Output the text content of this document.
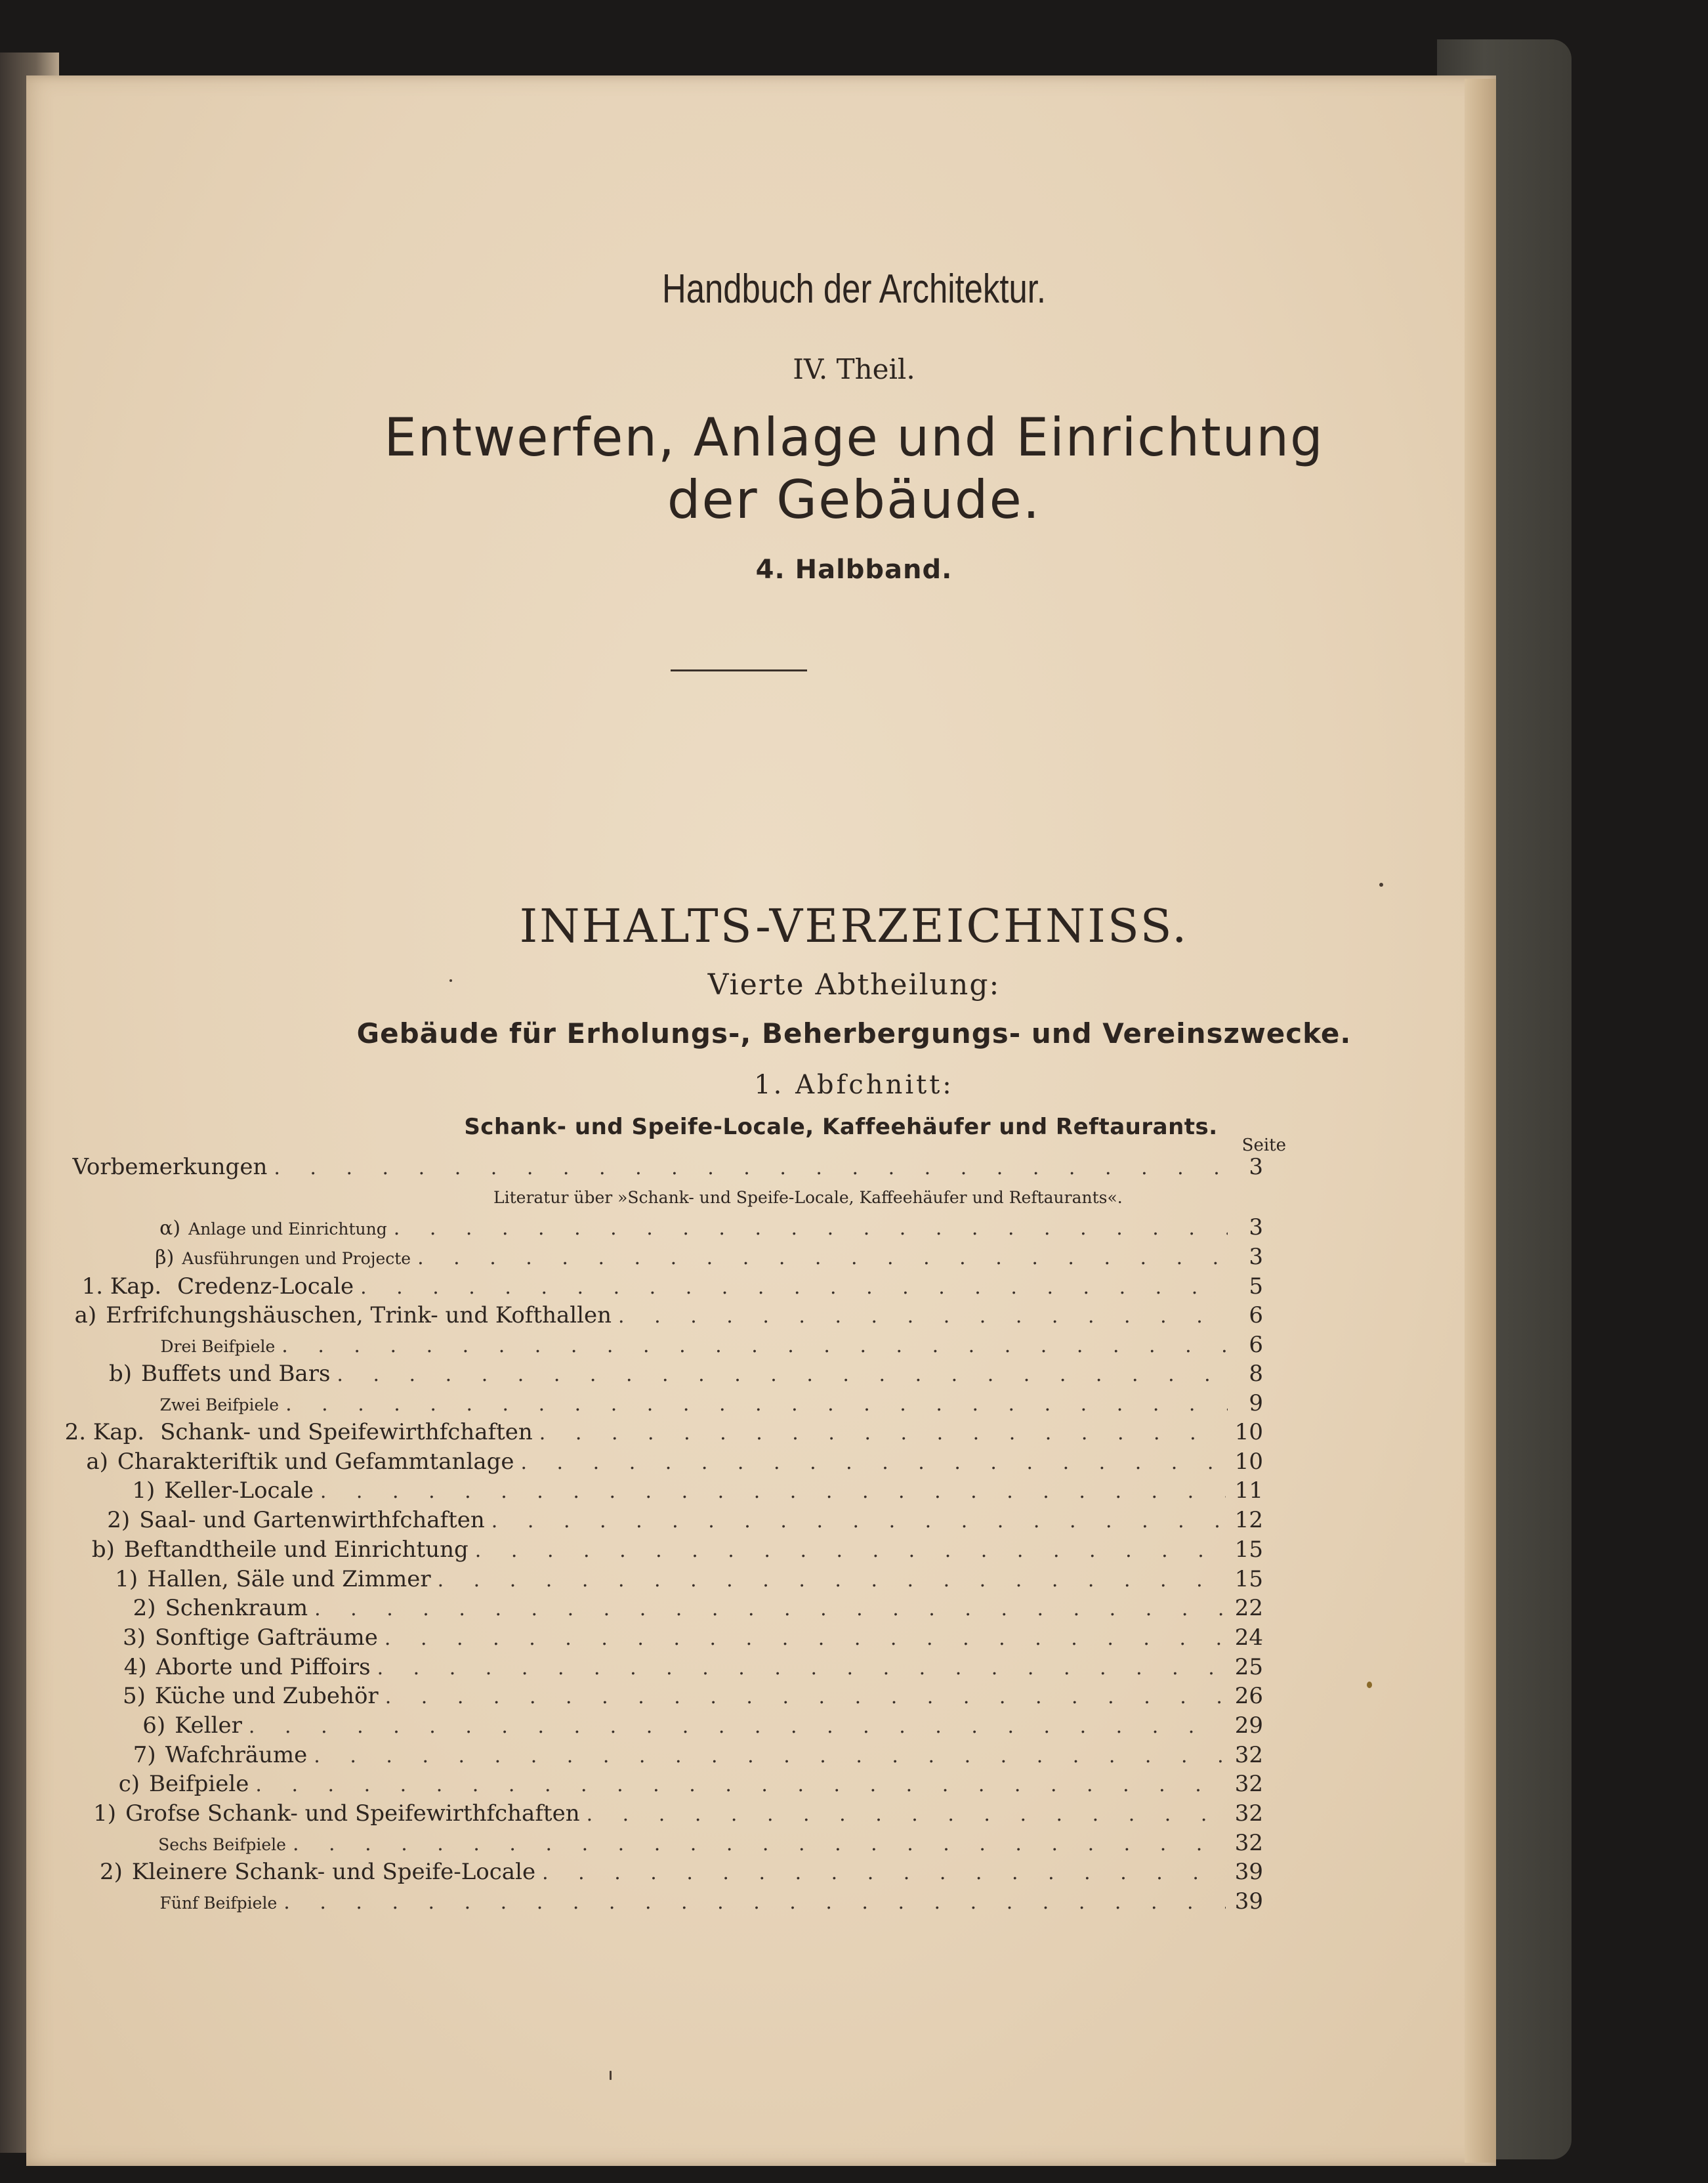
Handbuch der Architektur.
IV. Theil.
Entwerfen, Anlage und Einrichtung
der Gebäude.
4. Halbband.
INHALTS-VERZEICHNISS.
Vierte Abtheilung:
Gebäude für Erholungs-, Beherbergungs- und Vereinszwecke.
1. Abfchnitt:
Schank- und Speife-Locale, Kaffeehäufer und Reftaurants.
Seite
Vorbemerkungen . . .	3
Literatur über »Schank- und Speife-Locale, Kaffeehäufer und Reftaurants«.
α) Anlage und Einrichtung . . .	3
β) Ausführungen und Projecte . . .	3
1. Kap. Credenz-Locale . . .	5
a) Erfrifchungshäuschen, Trink- und Kofthallen . . .	6
Drei Beifpiele . . .	6
b) Buffets und Bars . . .	8
Zwei Beifpiele . . .	9
2. Kap. Schank- und Speifewirthfchaften . . .	10
a) Charakteriftik und Gefammtanlage . . .	10
1) Keller-Locale . . .	11
2) Saal- und Gartenwirthfchaften . . .	12
b) Beftandtheile und Einrichtung . . .	15
1) Hallen, Säle und Zimmer . . .	15
2) Schenkraum . . .	22
3) Sonftige Gafträume . . .	24
4) Aborte und Piffoirs . . .	25
5) Küche und Zubehör . . .	26
6) Keller . . .	29
7) Wafchräume . . .	32
c) Beifpiele . . .	32
1) Grofse Schank- und Speifewirthfchaften . . .	32
Sechs Beifpiele . . .	32
2) Kleinere Schank- und Speife-Locale . . .	39
Fünf Beifpiele . . .	39
